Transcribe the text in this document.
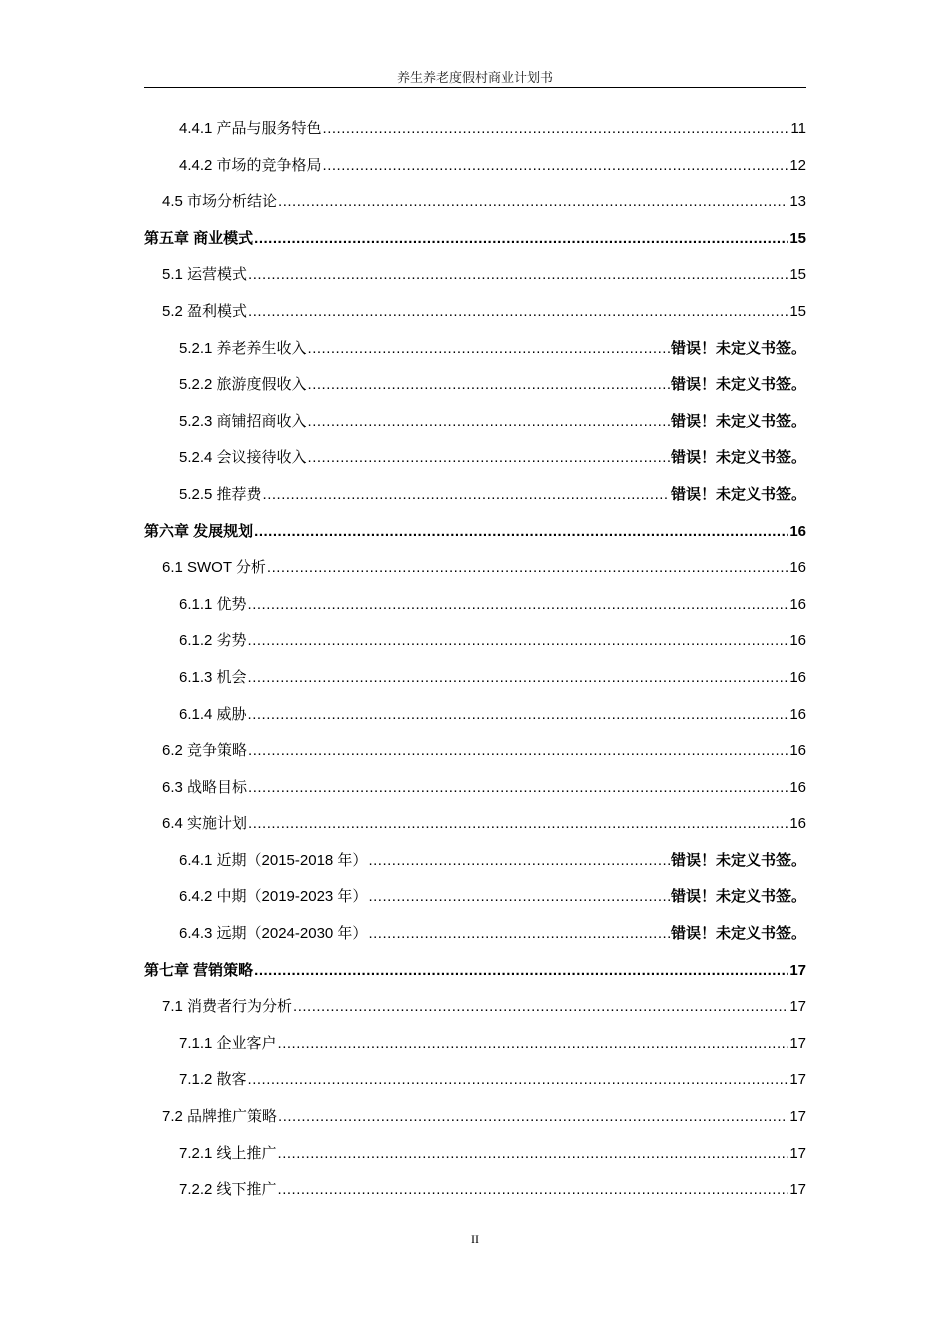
养生养老度假村商业计划书
4.4.1 产品与服务特色 .....	11
4.4.2 市场的竞争格局 .....	12
4.5 市场分析结论 .....	13
第五章 商业模式 .....	15
5.1 运营模式 .....	15
5.2 盈利模式 .....	15
5.2.1 养老养生收入 .....	错误！未定义书签。
5.2.2 旅游度假收入 .....	错误！未定义书签。
5.2.3 商铺招商收入 .....	错误！未定义书签。
5.2.4 会议接待收入 .....	错误！未定义书签。
5.2.5 推荐费 .....	错误！未定义书签。
第六章 发展规划 .....	16
6.1 SWOT 分析 .....	16
6.1.1 优势 .....	16
6.1.2 劣势 .....	16
6.1.3 机会 .....	16
6.1.4 威胁 .....	16
6.2 竞争策略 .....	16
6.3 战略目标 .....	16
6.4 实施计划 .....	16
6.4.1 近期（2015-2018 年） .....	错误！未定义书签。
6.4.2 中期（2019-2023 年） .....	错误！未定义书签。
6.4.3 远期（2024-2030 年） .....	错误！未定义书签。
第七章 营销策略 .....	17
7.1 消费者行为分析 .....	17
7.1.1 企业客户 .....	17
7.1.2 散客 .....	17
7.2 品牌推广策略 .....	17
7.2.1 线上推广 .....	17
7.2.2 线下推广 .....	17
II
